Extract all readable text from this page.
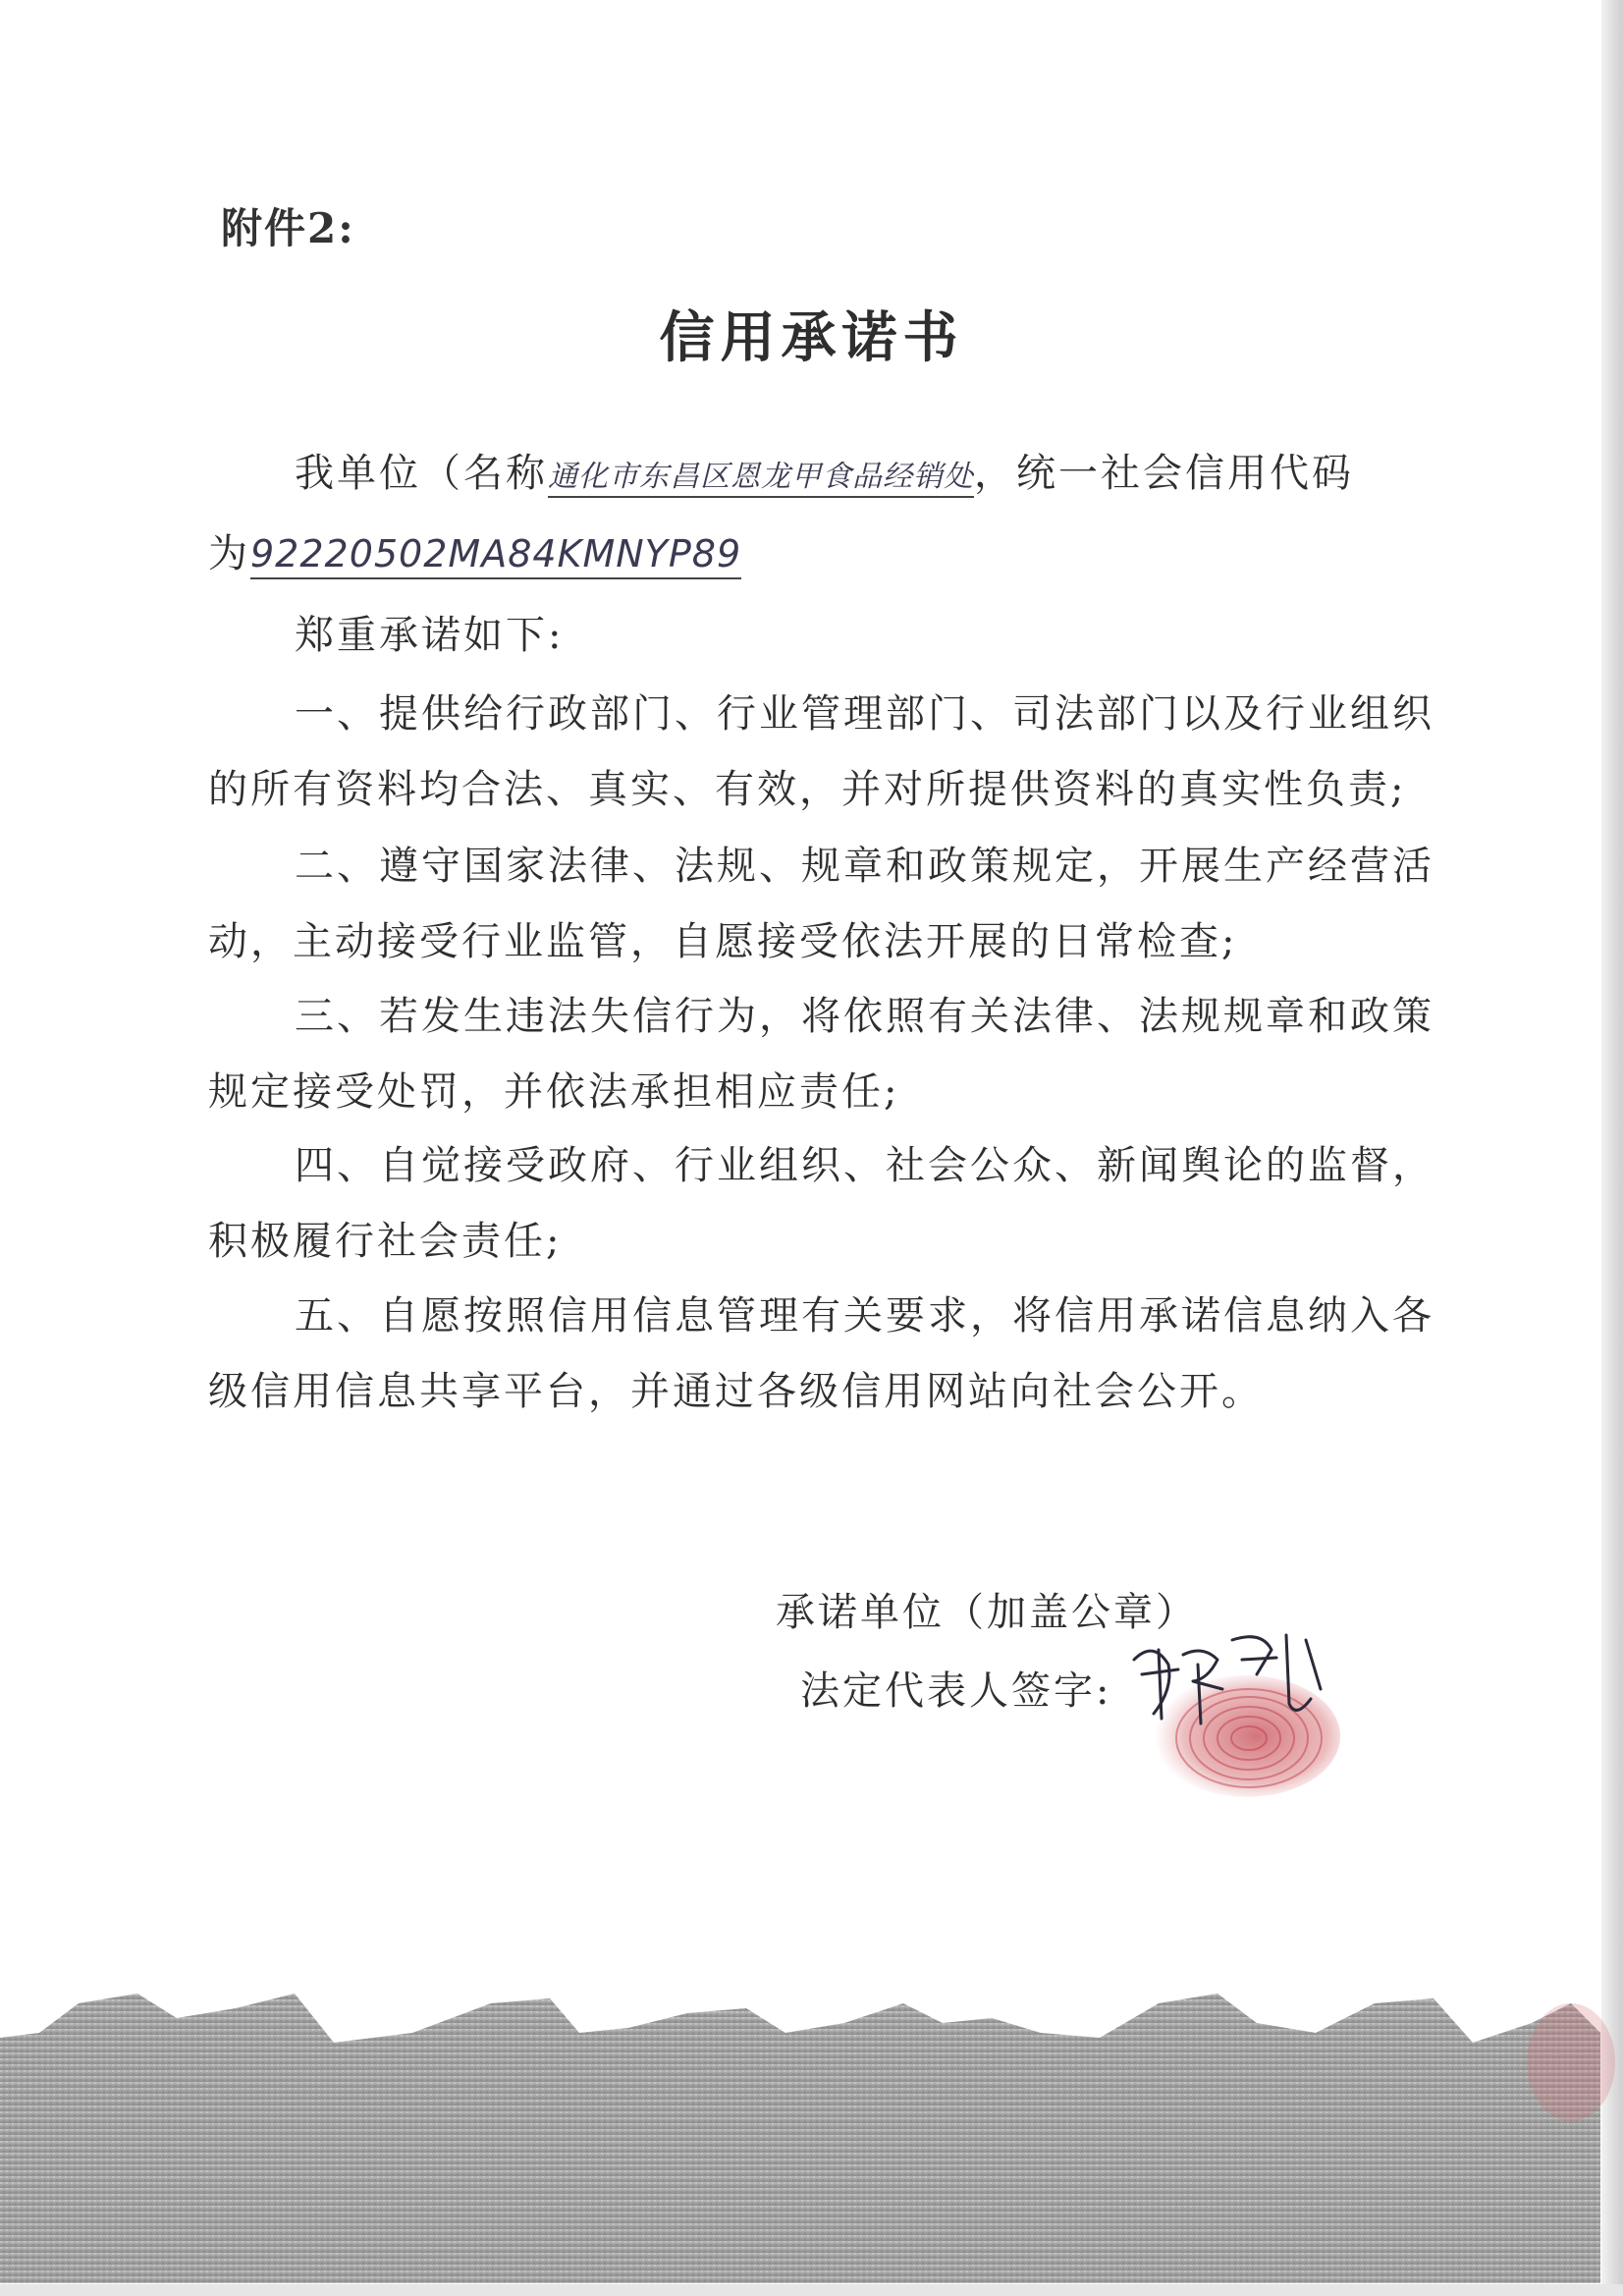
附件2:
信用承诺书
我单位（名称通化市东昌区恩龙甲食品经销处，统一社会信用代码
为92220502MA84KMNYP89
郑重承诺如下:
一、提供给行政部门、行业管理部门、司法部门以及行业组织
的所有资料均合法、真实、有效，并对所提供资料的真实性负责;
二、遵守国家法律、法规、规章和政策规定，开展生产经营活
动，主动接受行业监管，自愿接受依法开展的日常检查;
三、若发生违法失信行为，将依照有关法律、法规规章和政策
规定接受处罚，并依法承担相应责任;
四、自觉接受政府、行业组织、社会公众、新闻舆论的监督，
积极履行社会责任;
五、自愿按照信用信息管理有关要求，将信用承诺信息纳入各
级信用信息共享平台，并通过各级信用网站向社会公开。
承诺单位（加盖公章）
法定代表人签字:
